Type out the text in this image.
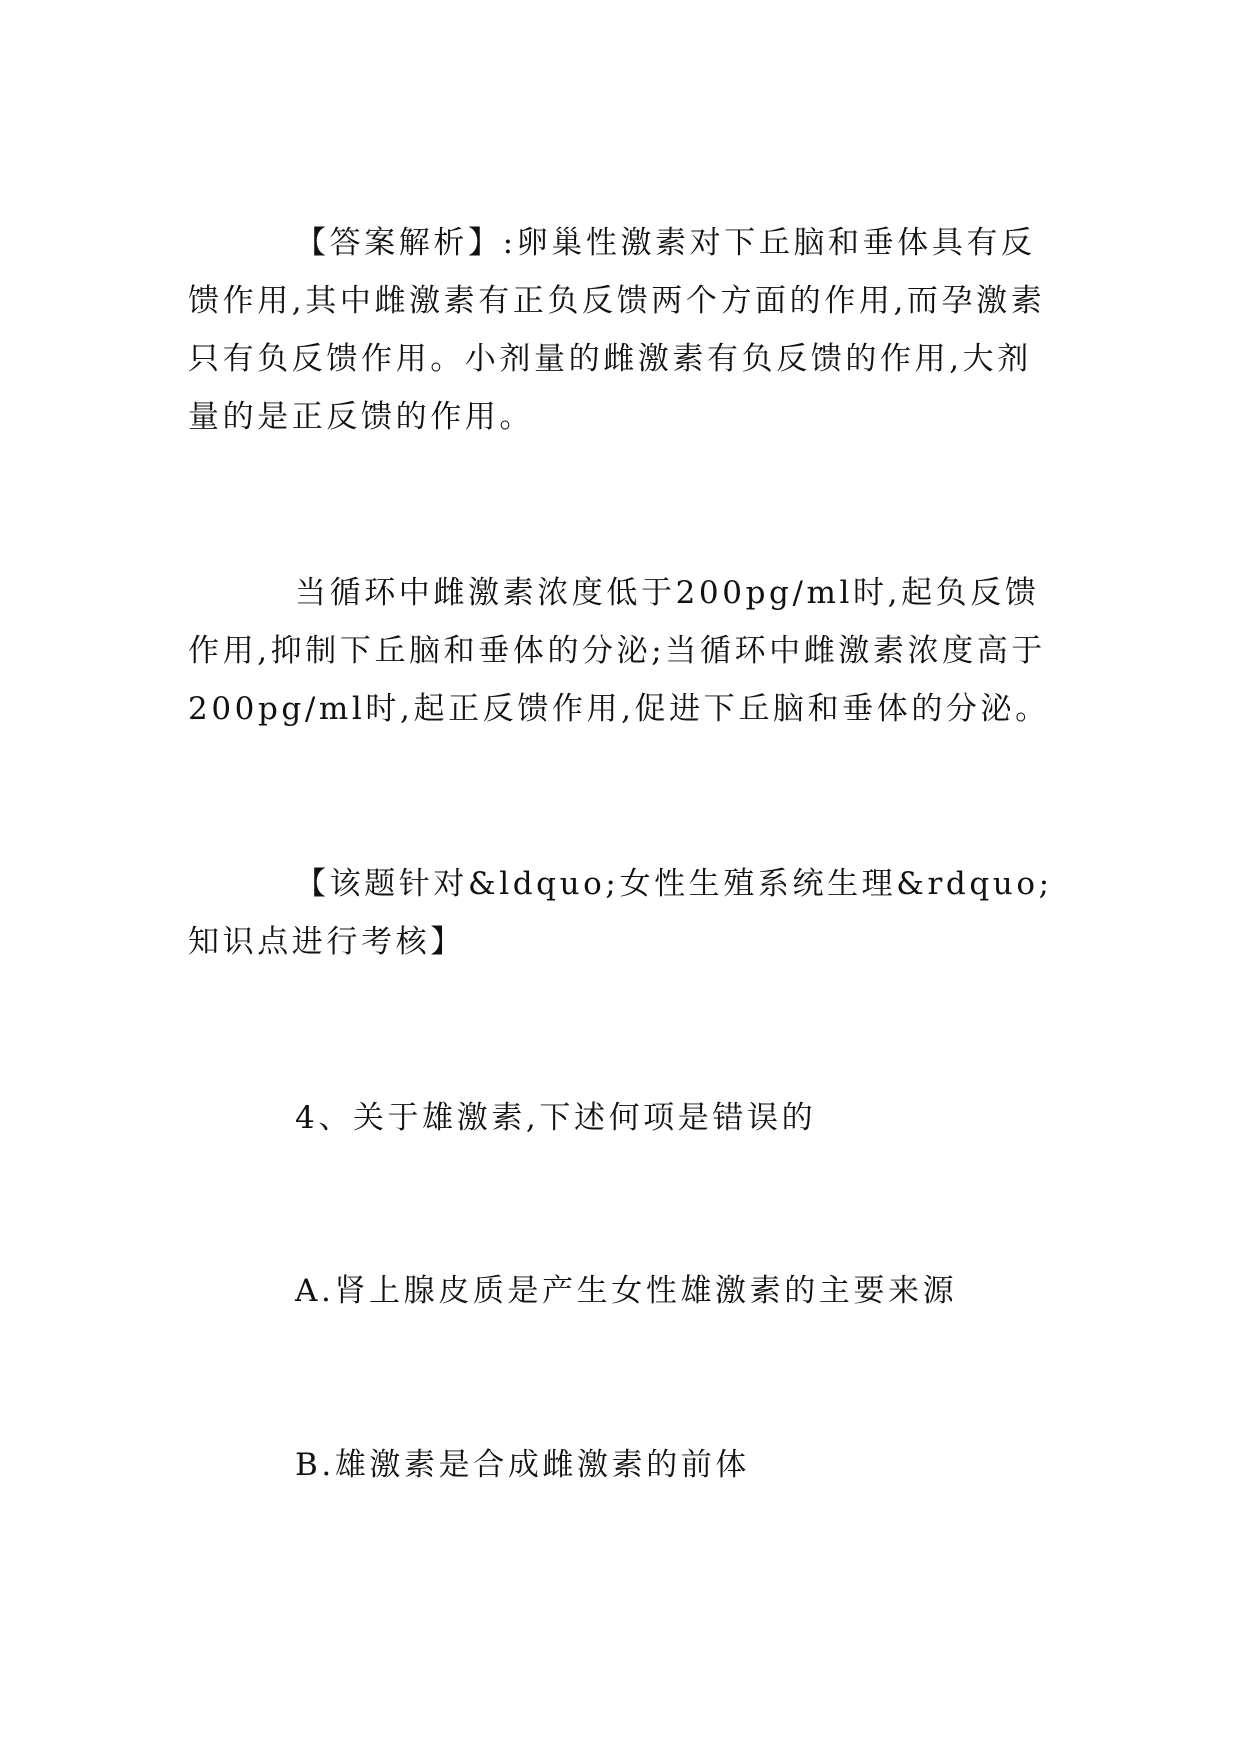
【答案解析】:卵巢性激素对下丘脑和垂体具有反馈作用,其中雌激素有正负反馈两个方面的作用,而孕激素只有负反馈作用。小剂量的雌激素有负反馈的作用,大剂量的是正反馈的作用。

当循环中雌激素浓度低于200pg/ml时,起负反馈作用,抑制下丘脑和垂体的分泌;当循环中雌激素浓度高于200pg/ml时,起正反馈作用,促进下丘脑和垂体的分泌。

【该题针对&ldquo;女性生殖系统生理&rdquo;知识点进行考核】

4、关于雄激素,下述何项是错误的

A.肾上腺皮质是产生女性雄激素的主要来源

B.雄激素是合成雌激素的前体
